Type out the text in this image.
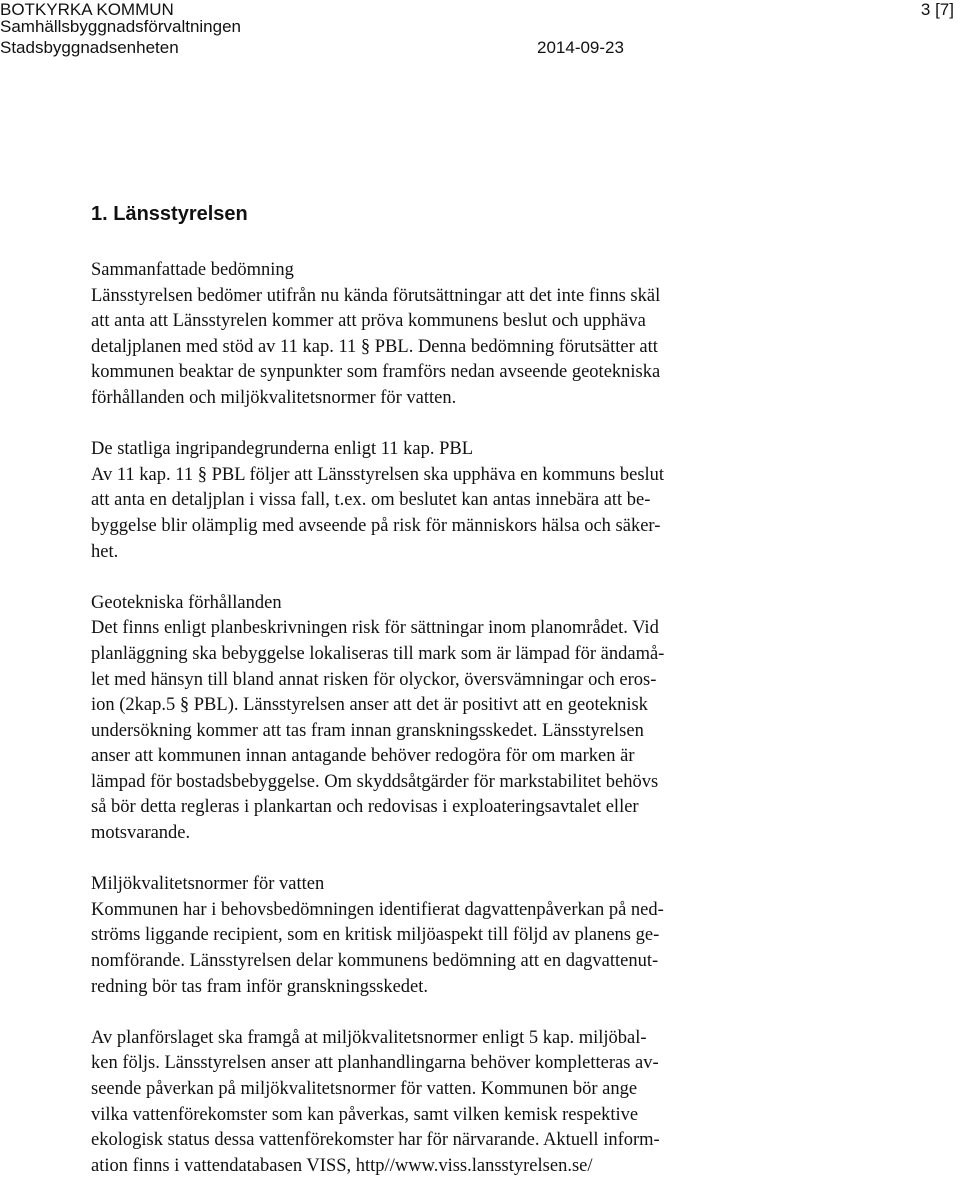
BOTKYRKA KOMMUN
Samhällsbyggnadsförvaltningen
Stadsbyggnadsenheten
3 [7]
2014-09-23
1. Länsstyrelsen
Sammanfattade bedömning
Länsstyrelsen bedömer utifrån nu kända förutsättningar att det inte finns skäl
att anta att Länsstyrelen kommer att pröva kommunens beslut och upphäva
detaljplanen med stöd av 11 kap. 11 § PBL. Denna bedömning förutsätter att
kommunen beaktar de synpunkter som framförs nedan avseende geotekniska
förhållanden och miljökvalitetsnormer för vatten.
De statliga ingripandegrunderna enligt 11 kap. PBL
Av 11 kap. 11 § PBL följer att Länsstyrelsen ska upphäva en kommuns beslut
att anta en detaljplan i vissa fall, t.ex. om beslutet kan antas innebära att be-
byggelse blir olämplig med avseende på risk för människors hälsa och säker-
het.
Geotekniska förhållanden
Det finns enligt planbeskrivningen risk för sättningar inom planområdet. Vid
planläggning ska bebyggelse lokaliseras till mark som är lämpad för ändamå-
let med hänsyn till bland annat risken för olyckor, översvämningar och eros-
ion (2kap.5 § PBL). Länsstyrelsen anser att det är positivt att en geoteknisk
undersökning kommer att tas fram innan granskningsskedet. Länsstyrelsen
anser att kommunen innan antagande behöver redogöra för om marken är
lämpad för bostadsbebyggelse. Om skyddsåtgärder för markstabilitet behövs
så bör detta regleras i plankartan och redovisas i exploateringsavtalet eller
motsvarande.
Miljökvalitetsnormer för vatten
Kommunen har i behovsbedömningen identifierat dagvattenpåverkan på ned-
ströms liggande recipient, som en kritisk miljöaspekt till följd av planens ge-
nomförande. Länsstyrelsen delar kommunens bedömning att en dagvattenut-
redning bör tas fram inför granskningsskedet.
Av planförslaget ska framgå at miljökvalitetsnormer enligt 5 kap. miljöbal-
ken följs. Länsstyrelsen anser att planhandlingarna behöver kompletteras av-
seende påverkan på miljökvalitetsnormer för vatten. Kommunen bör ange
vilka vattenförekomster som kan påverkas, samt vilken kemisk respektive
ekologisk status dessa vattenförekomster har för närvarande. Aktuell inform-
ation finns i vattendatabasen VISS, http//www.viss.lansstyrelsen.se/
